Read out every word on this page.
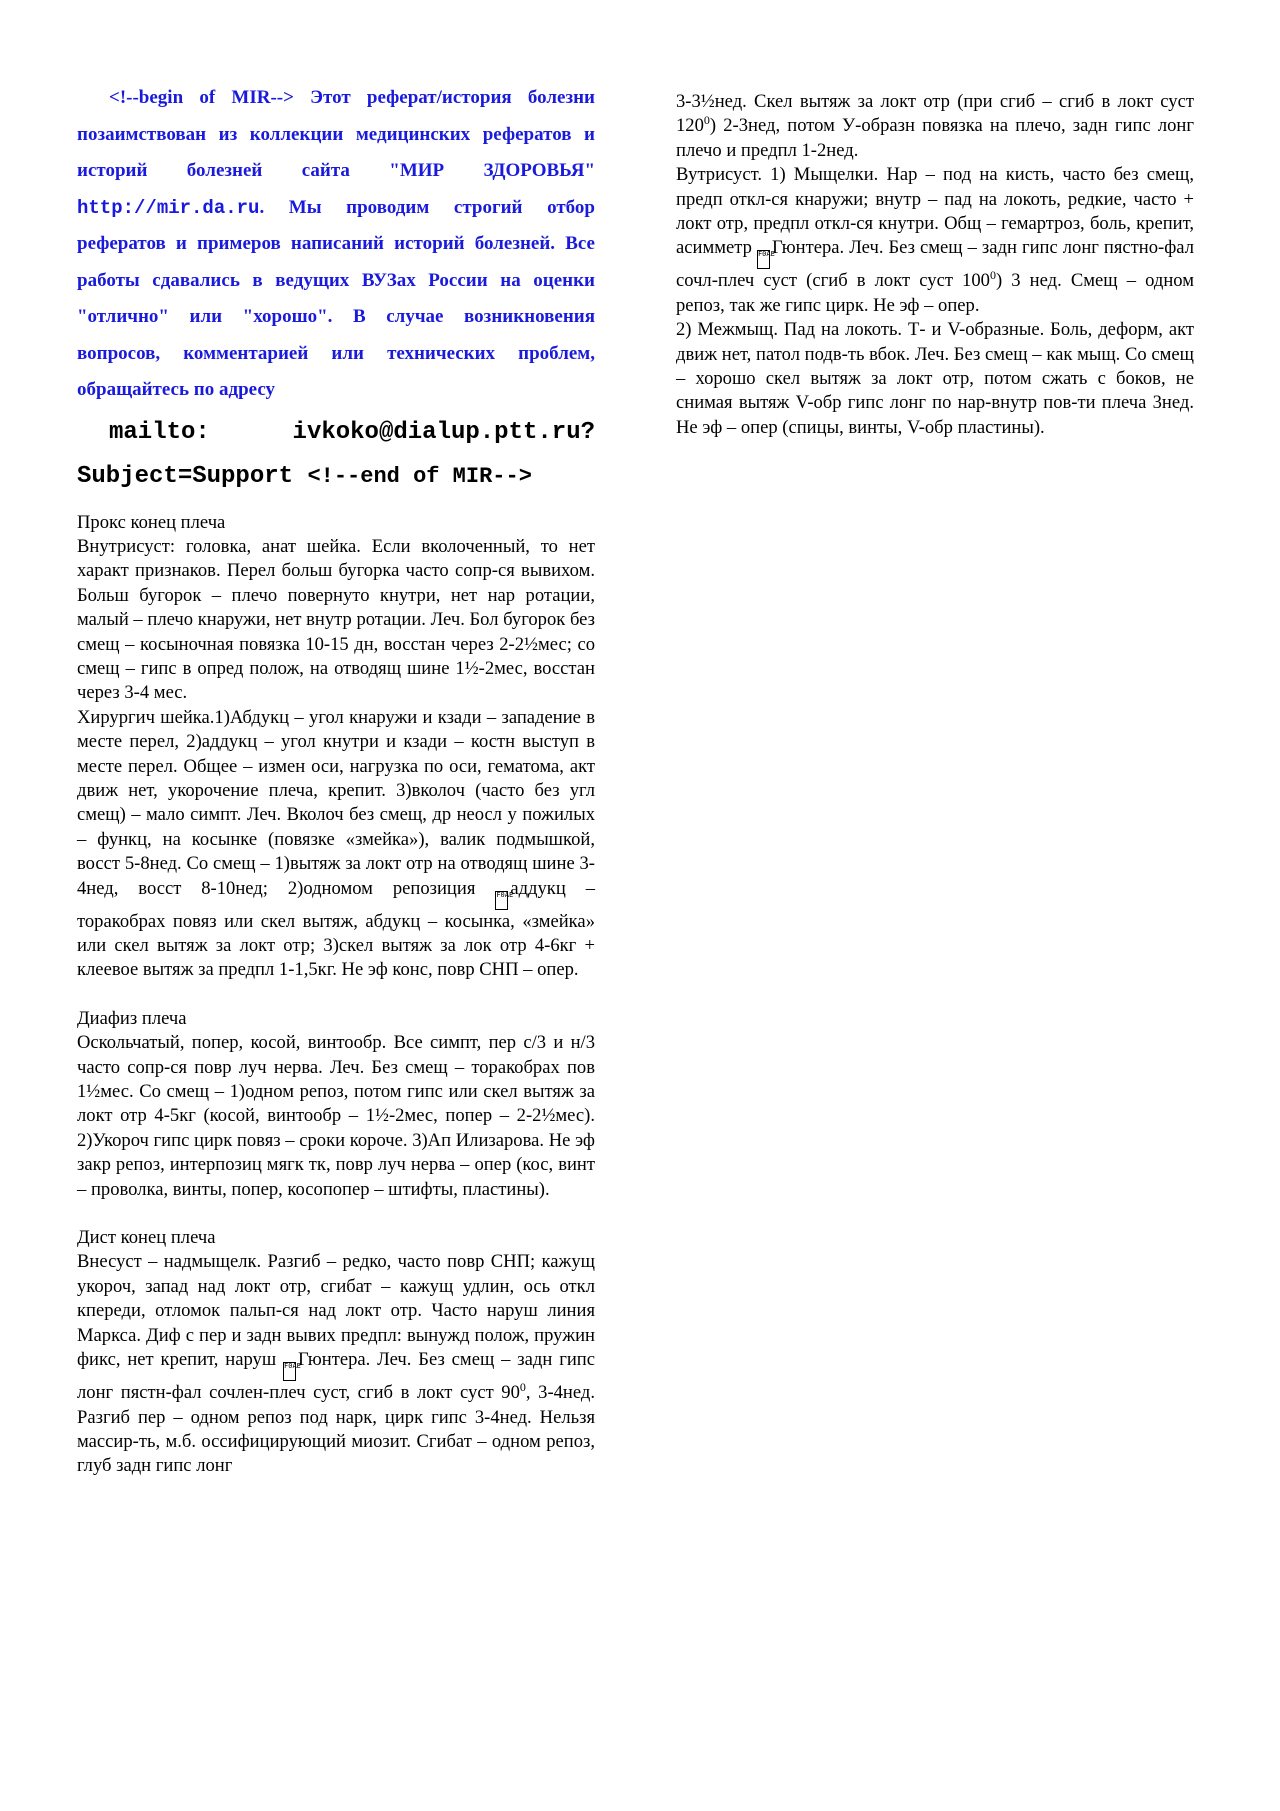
<!--begin of MIR--> Этот реферат/история болезни позаимствован из коллекции медицинских рефератов и историй болезней сайта "МИР ЗДОРОВЬЯ" http://mir.da.ru. Мы проводим строгий отбор рефератов и примеров написаний историй болезней. Все работы сдавались в ведущих ВУЗах России на оценки "отлично" или "хорошо". В случае возникновения вопросов, комментарией или технических проблем, обращайтесь по адресу
mailto: ivkoko@dialup.ptt.ru?Subject=Support <!--end of MIR-->

Прокс конец плеча

Внутрисуст: головка, анат шейка. Если вколоченный, то нет характ признаков. Перел больш бугорка часто сопр-ся вывихом. Больш бугорок – плечо повернуто кнутри, нет нар ротации, малый – плечо кнаружи, нет внутр ротации. Леч. Бол бугорок без смещ – косыночная повязка 10-15 дн, восстан через 2-2½мес; со смещ – гипс в опред полож, на отводящ шине 1½-2мес, восстан через 3-4 мес.

Хирургич шейка.1)Абдукц – угол кнаружи и кзади – западение в месте перел, 2)аддукц – угол кнутри и кзади – костн выступ в месте перел. Общее – измен оси, нагрузка по оси, гематома, акт движ нет, укорочение плеча, крепит. 3)вколоч (часто без угл смещ) – мало симпт. Леч. Вколоч без смещ, др неосл у пожилых – функц, на косынке (повязке «змейка»), валик подмышкой, восст 5-8нед. Со смещ – 1)вытяж за локт отр на отводящ шине 3-4нед, восст 8-10нед; 2)одномом репозиция	F0AEаддукц – торакобрах повяз или скел вытяж, абдукц – косынка, «змейка» или скел вытяж за локт отр; 3)скел вытяж за лок отр 4-6кг + клеевое вытяж за предпл 1-1,5кг. Не эф конс, повр СНП – опер.

Диафиз плеча

Оскольчатый, попер, косой, винтообр. Все симпт, пер с/3 и н/3 часто сопр-ся повр луч нерва. Леч. Без смещ – торакобрах пов 1½мес. Со смещ – 1)одном репоз, потом гипс или скел вытяж за локт отр 4-5кг (косой, винтообр – 1½-2мес, попер – 2-2½мес). 2)Укороч гипс цирк повяз – сроки короче. 3)Ап Илизарова. Не эф закр репоз, интерпозиц мягк тк, повр луч нерва – опер (кос, винт – проволка, винты, попер, косопопер – штифты, пластины).

Дист конец плеча

Внесуст – надмыщелк. Разгиб – редко, часто повр СНП; кажущ укороч, запад над локт отр, сгибат – кажущ удлин, ось откл кпереди, отломок пальп-ся над локт отр. Часто наруш линия Маркса. Диф с пер и задн вывих предпл: вынужд полож, пружин фикс, нет крепит, наруш F0AEГюнтера. Леч. Без смещ – задн гипс лонг пястн-фал сочлен-плеч суст, сгиб в локт суст $90^0$, 3-4нед. Разгиб пер – одном репоз под нарк, цирк гипс 3-4нед. Нельзя массир-ть, м.б. оссифицирующий миозит. Сгибат – одном репоз, глуб задн гипс лонг

3-3½нед. Скел вытяж за локт отр (при сгиб – сгиб в локт суст $120^0$) 2-3нед, потом У-образн повязка на плечо, задн гипс лонг плечо и предпл 1-2нед.

Вутрисуст. 1) Мыщелки. Нар – под на кисть, часто без смещ, предп откл-ся кнаружи; внутр – пад на локоть, редкие, часто + локт отр, предпл откл-ся кнутри. Общ – гемартроз, боль, крепит, асимметр F0AEГюнтера. Леч. Без смещ – задн гипс лонг пястно-фал сочл-плеч суст (сгиб в локт суст $100^0$) 3 нед. Смещ – одном репоз, так же гипс цирк. Не эф – опер.

2) Межмыщ. Пад на локоть. Т- и V-образные. Боль, деформ, акт движ нет, патол подв-ть вбок. Леч. Без смещ – как мыщ. Со смещ – хорошо скел вытяж за локт отр, потом сжать с боков, не снимая вытяж V-обр гипс лонг по нар-внутр пов-ти плеча 3нед. Не эф – опер (спицы, винты, V-обр пластины).
